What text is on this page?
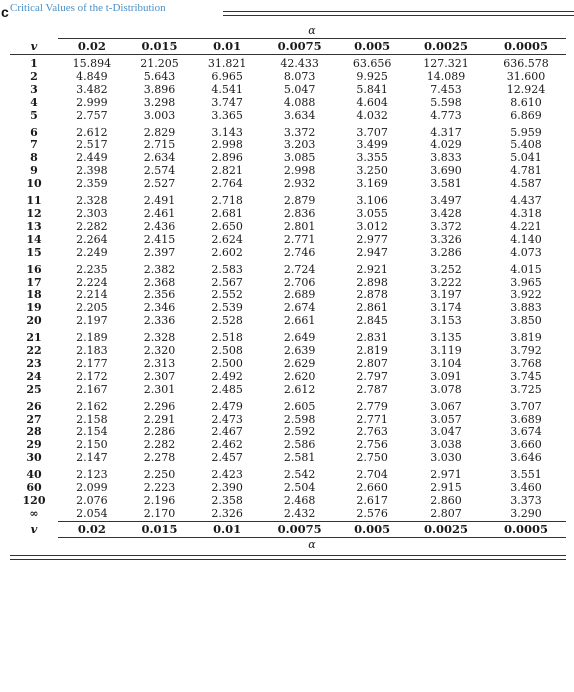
c Critical Values of the t-Distribution
	α						
v	0.02	0.015	0.01	0.0075	0.005	0.0025	0.0005
1	15.894	21.205	31.821	42.433	63.656	127.321	636.578
2	4.849	5.643	6.965	8.073	9.925	14.089	31.600
3	3.482	3.896	4.541	5.047	5.841	7.453	12.924
4	2.999	3.298	3.747	4.088	4.604	5.598	8.610
5	2.757	3.003	3.365	3.634	4.032	4.773	6.869
6	2.612	2.829	3.143	3.372	3.707	4.317	5.959
7	2.517	2.715	2.998	3.203	3.499	4.029	5.408
8	2.449	2.634	2.896	3.085	3.355	3.833	5.041
9	2.398	2.574	2.821	2.998	3.250	3.690	4.781
10	2.359	2.527	2.764	2.932	3.169	3.581	4.587
11	2.328	2.491	2.718	2.879	3.106	3.497	4.437
12	2.303	2.461	2.681	2.836	3.055	3.428	4.318
13	2.282	2.436	2.650	2.801	3.012	3.372	4.221
14	2.264	2.415	2.624	2.771	2.977	3.326	4.140
15	2.249	2.397	2.602	2.746	2.947	3.286	4.073
16	2.235	2.382	2.583	2.724	2.921	3.252	4.015
17	2.224	2.368	2.567	2.706	2.898	3.222	3.965
18	2.214	2.356	2.552	2.689	2.878	3.197	3.922
19	2.205	2.346	2.539	2.674	2.861	3.174	3.883
20	2.197	2.336	2.528	2.661	2.845	3.153	3.850
21	2.189	2.328	2.518	2.649	2.831	3.135	3.819
22	2.183	2.320	2.508	2.639	2.819	3.119	3.792
23	2.177	2.313	2.500	2.629	2.807	3.104	3.768
24	2.172	2.307	2.492	2.620	2.797	3.091	3.745
25	2.167	2.301	2.485	2.612	2.787	3.078	3.725
26	2.162	2.296	2.479	2.605	2.779	3.067	3.707
27	2.158	2.291	2.473	2.598	2.771	3.057	3.689
28	2.154	2.286	2.467	2.592	2.763	3.047	3.674
29	2.150	2.282	2.462	2.586	2.756	3.038	3.660
30	2.147	2.278	2.457	2.581	2.750	3.030	3.646
40	2.123	2.250	2.423	2.542	2.704	2.971	3.551
60	2.099	2.223	2.390	2.504	2.660	2.915	3.460
120	2.076	2.196	2.358	2.468	2.617	2.860	3.373
∞	2.054	2.170	2.326	2.432	2.576	2.807	3.290
v	0.02	0.015	0.01	0.0075	0.005	0.0025	0.0005
	α						
